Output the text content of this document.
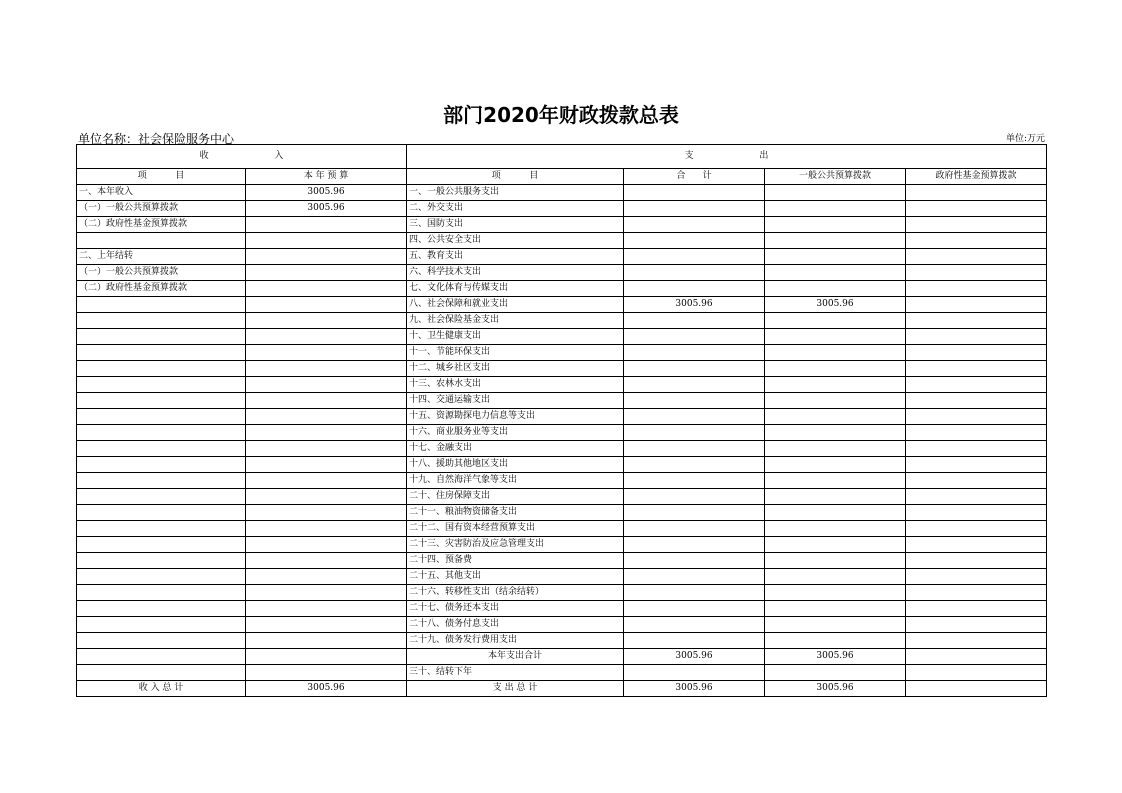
部门2020年财政拨款总表
单位名称：社会保险服务中心	单位:万元
收                       入		支                       出			
项          目	本 年 预 算	项          目	合      计	一般公共预算拨款	政府性基金预算拨款
一、本年收入	3005.96	一、一般公共服务支出			
（一）一般公共预算拨款	3005.96	二、外交支出			
（二）政府性基金预算拨款		三、国防支出			
		四、公共安全支出			
二、上年结转		五、教育支出			
（一）一般公共预算拨款		六、科学技术支出			
（二）政府性基金预算拨款		七、文化体育与传媒支出			
		八、社会保障和就业支出	3005.96	3005.96	
		九、社会保险基金支出			
		十、卫生健康支出			
		十一、节能环保支出			
		十二、城乡社区支出			
		十三、农林水支出			
		十四、交通运输支出			
		十五、资源勘探电力信息等支出			
		十六、商业服务业等支出			
		十七、金融支出			
		十八、援助其他地区支出			
		十九、自然海洋气象等支出			
		二十、住房保障支出			
		二十一、粮油物资储备支出			
		二十二、国有资本经营预算支出			
		二十三、灾害防治及应急管理支出			
		二十四、预备费			
		二十五、其他支出			
		二十六、转移性支出（结余结转）			
		二十七、债务还本支出			
		二十八、债务付息支出			
		二十九、债务发行费用支出			
		本年支出合计	3005.96	3005.96	
		三十、结转下年			
收 入 总 计	3005.96	支 出 总 计	3005.96	3005.96	
